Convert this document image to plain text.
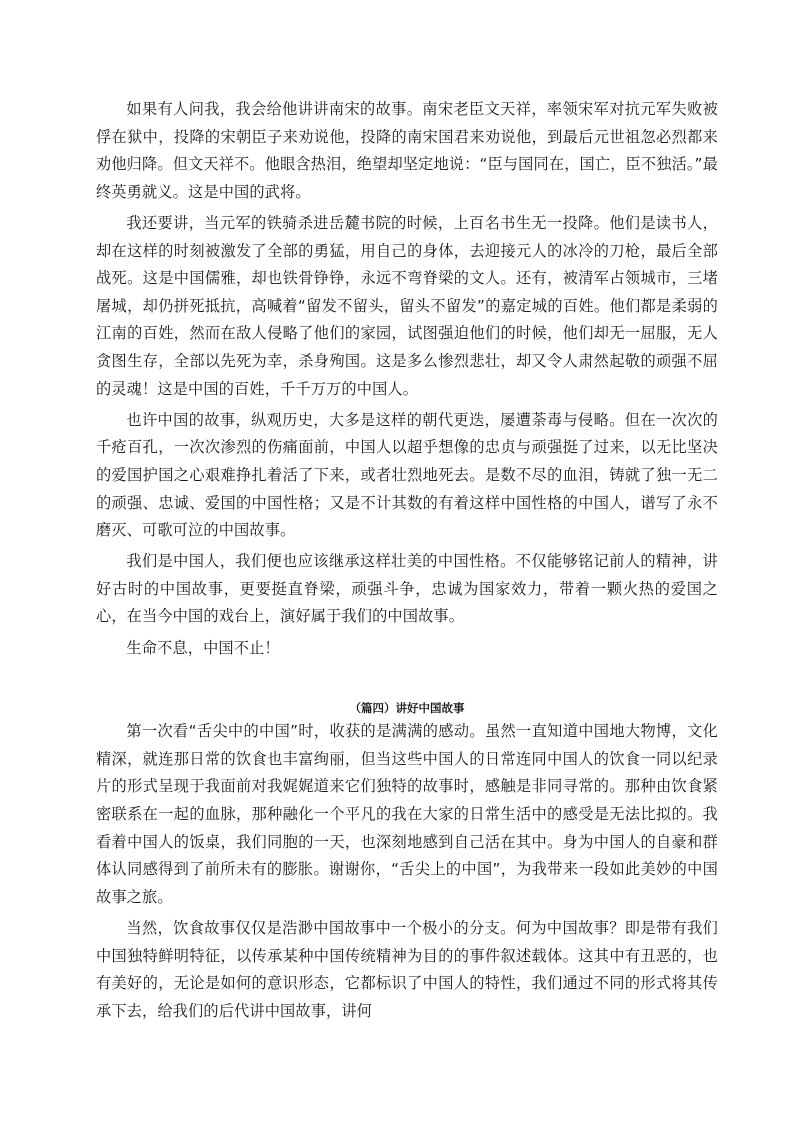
如果有人问我，我会给他讲讲南宋的故事。南宋老臣文天祥，率领宋军对抗元军失败被俘在狱中，投降的宋朝臣子来劝说他，投降的南宋国君来劝说他，到最后元世祖忽必烈都来劝他归降。但文天祥不。他眼含热泪，绝望却坚定地说：“臣与国同在，国亡，臣不独活。”最终英勇就义。这是中国的武将。

我还要讲，当元军的铁骑杀进岳麓书院的时候，上百名书生无一投降。他们是读书人，却在这样的时刻被激发了全部的勇猛，用自己的身体，去迎接元人的冰冷的刀枪，最后全部战死。这是中国儒雅，却也铁骨铮铮，永远不弯脊梁的文人。还有，被清军占领城市，三堵屠城，却仍拼死抵抗，高喊着“留发不留头，留头不留发”的嘉定城的百姓。他们都是柔弱的江南的百姓，然而在敌人侵略了他们的家园，试图强迫他们的时候，他们却无一屈服，无人贪图生存，全部以先死为幸，杀身殉国。这是多么惨烈悲壮，却又令人肃然起敬的顽强不屈的灵魂！这是中国的百姓，千千万万的中国人。

也许中国的故事，纵观历史，大多是这样的朝代更迭，屡遭荼毒与侵略。但在一次次的千疮百孔，一次次渗烈的伤痛面前，中国人以超乎想像的忠贞与顽强挺了过来，以无比坚决的爱国护国之心艰难挣扎着活了下来，或者壮烈地死去。是数不尽的血泪，铸就了独一无二的顽强、忠诚、爱国的中国性格；又是不计其数的有着这样中国性格的中国人，谱写了永不磨灭、可歌可泣的中国故事。

我们是中国人，我们便也应该继承这样壮美的中国性格。不仅能够铭记前人的精神，讲好古时的中国故事，更要挺直脊梁，顽强斗争，忠诚为国家效力，带着一颗火热的爱国之心，在当今中国的戏台上，演好属于我们的中国故事。

生命不息，中国不止！

（篇四）讲好中国故事

第一次看“舌尖中的中国”时，收获的是满满的感动。虽然一直知道中国地大物博，文化精深，就连那日常的饮食也丰富绚丽，但当这些中国人的日常连同中国人的饮食一同以纪录片的形式呈现于我面前对我娓娓道来它们独特的故事时，感触是非同寻常的。那种由饮食紧密联系在一起的血脉，那种融化一个平凡的我在大家的日常生活中的感受是无法比拟的。我看着中国人的饭桌，我们同胞的一天，也深刻地感到自己活在其中。身为中国人的自豪和群体认同感得到了前所未有的膨胀。谢谢你，“舌尖上的中国”，为我带来一段如此美妙的中国故事之旅。

当然，饮食故事仅仅是浩渺中国故事中一个极小的分支。何为中国故事？即是带有我们中国独特鲜明特征，以传承某种中国传统精神为目的的事件叙述载体。这其中有丑恶的，也有美好的，无论是如何的意识形态，它都标识了中国人的特性，我们通过不同的形式将其传承下去，给我们的后代讲中国故事，讲何
